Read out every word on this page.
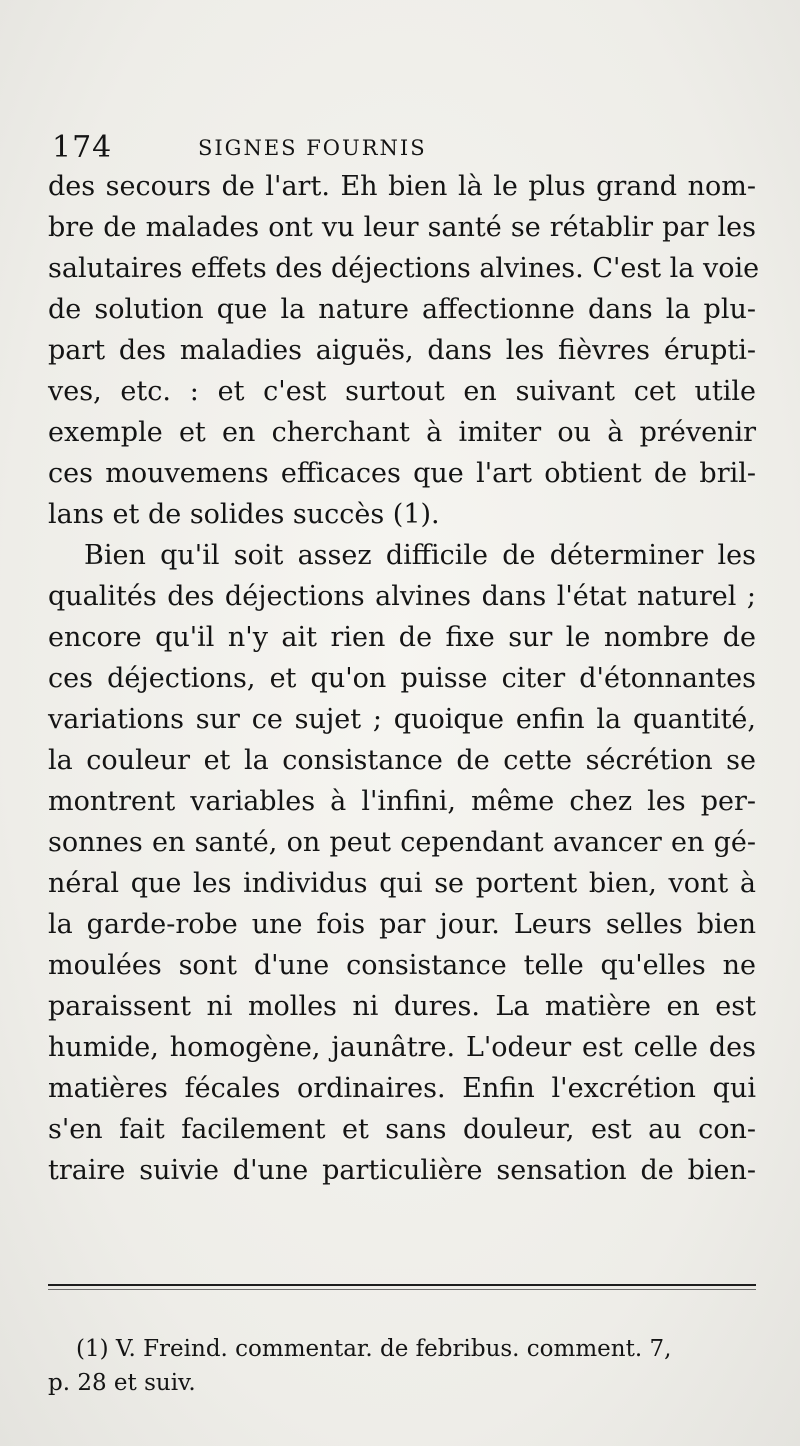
174	SIGNES FOURNIS
des secours de l'art. Eh bien là le plus grand nom-
bre de malades ont vu leur santé se rétablir par les
salutaires effets des déjections alvines. C'est la voie
de solution que la nature affectionne dans la plu-
part des maladies aiguës, dans les fièvres érupti-
ves, etc. : et c'est surtout en suivant cet utile
exemple et en cherchant à imiter ou à prévenir
ces mouvemens efficaces que l'art obtient de bril-
lans et de solides succès (1).
Bien qu'il soit assez difficile de déterminer les
qualités des déjections alvines dans l'état naturel ;
encore qu'il n'y ait rien de fixe sur le nombre de
ces déjections, et qu'on puisse citer d'étonnantes
variations sur ce sujet ; quoique enfin la quantité,
la couleur et la consistance de cette sécrétion se
montrent variables à l'infini, même chez les per-
sonnes en santé, on peut cependant avancer en gé-
néral que les individus qui se portent bien, vont à
la garde-robe une fois par jour. Leurs selles bien
moulées sont d'une consistance telle qu'elles ne
paraissent ni molles ni dures. La matière en est
humide, homogène, jaunâtre. L'odeur est celle des
matières fécales ordinaires. Enfin l'excrétion qui
s'en fait facilement et sans douleur, est au con-
traire suivie d'une particulière sensation de bien-
(1) V. Freind. commentar. de febribus. comment. 7,
p. 28 et suiv.
